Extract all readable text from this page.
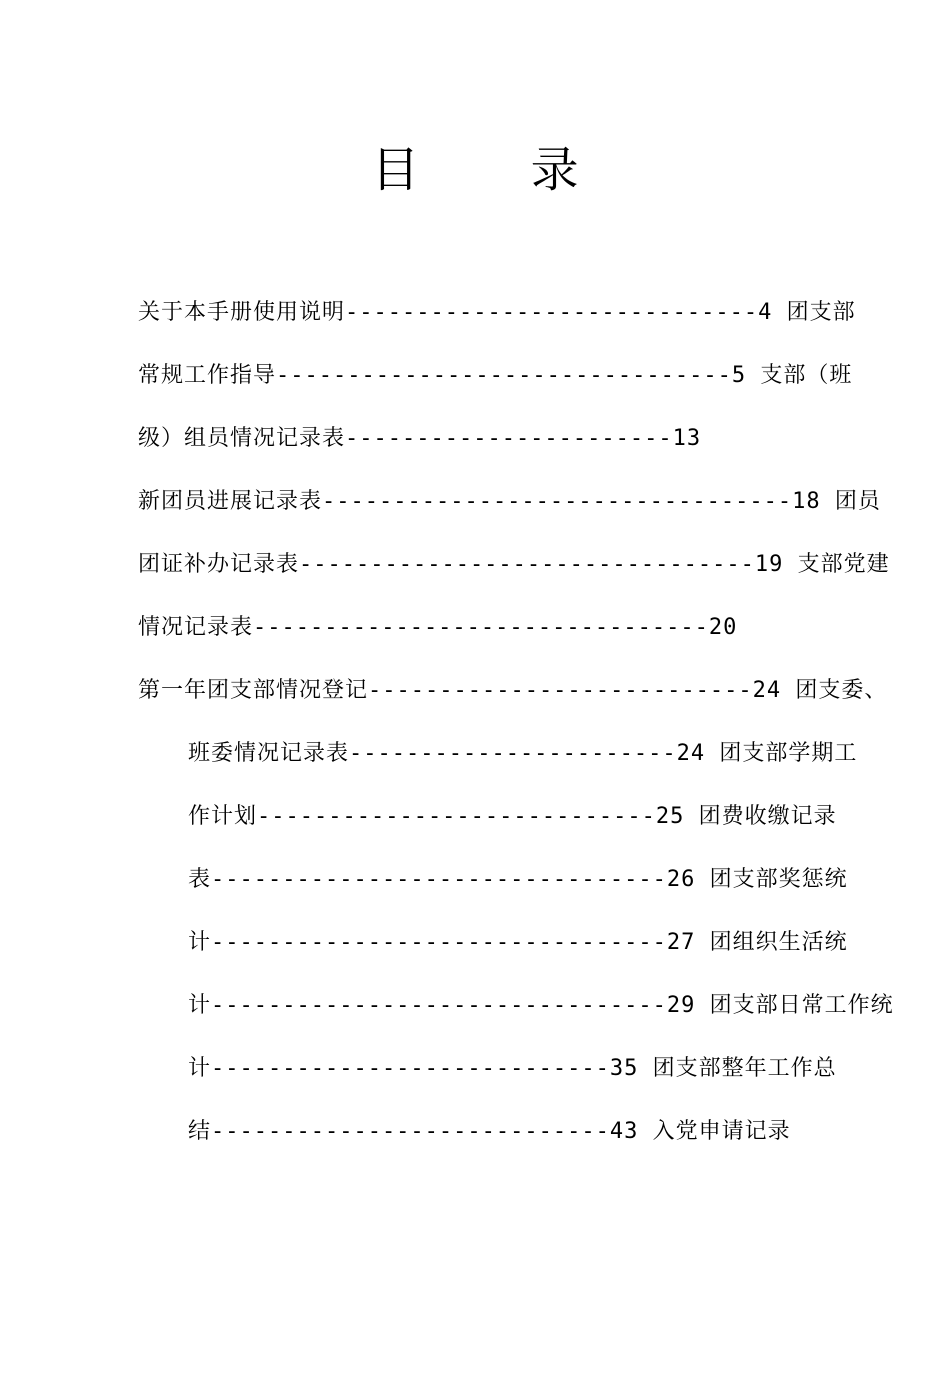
目 录
关于本手册使用说明-----------------------------4 团支部
常规工作指导--------------------------------5 支部（班
级）组员情况记录表-----------------------13
新团员进展记录表---------------------------------18 团员
团证补办记录表--------------------------------19 支部党建
情况记录表--------------------------------20
第一年团支部情况登记---------------------------24 团支委、
班委情况记录表-----------------------24 团支部学期工
作计划----------------------------25 团费收缴记录
表--------------------------------26 团支部奖惩统
计--------------------------------27 团组织生活统
计--------------------------------29 团支部日常工作统
计----------------------------35 团支部整年工作总
结----------------------------43 入党申请记录
